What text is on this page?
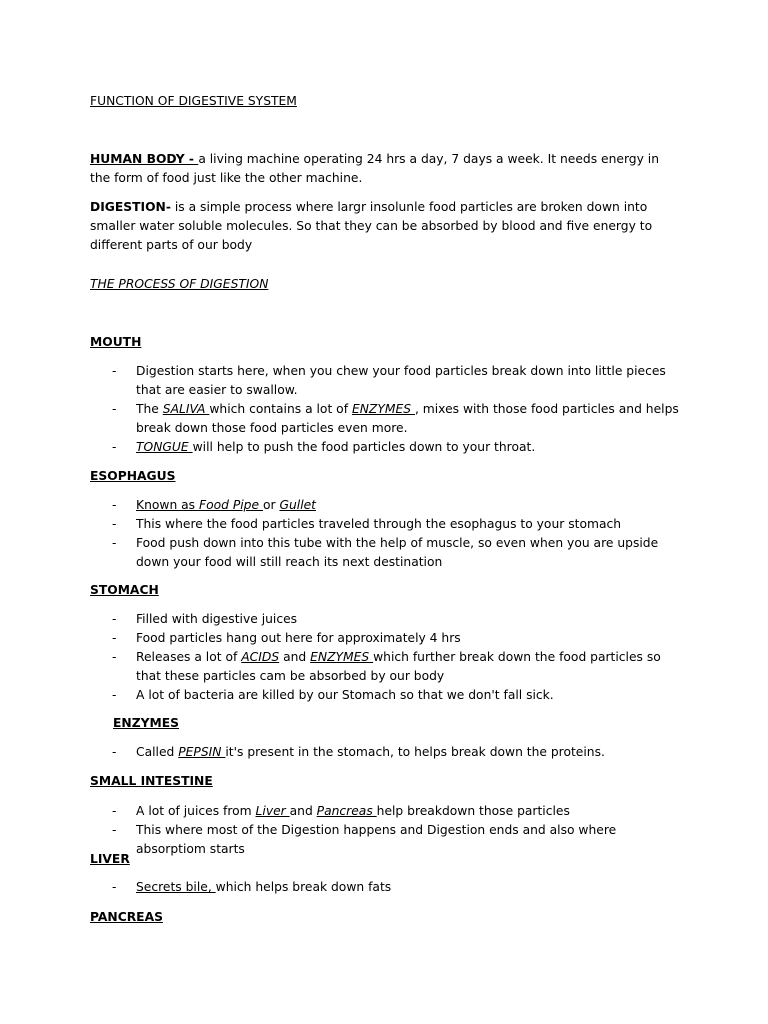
FUNCTION OF DIGESTIVE SYSTEM
HUMAN BODY - a living machine operating 24 hrs a day, 7 days a week. It needs energy in the form of food just like the other machine.
DIGESTION- is a simple process where largr insolunle food particles are broken down into smaller water soluble molecules. So that they can be absorbed by blood and five energy to different parts of our body
THE PROCESS OF DIGESTION
MOUTH
- Digestion starts here, when you chew your food particles break down into little pieces that are easier to swallow.
- The SALIVA which contains a lot of ENZYMES , mixes with those food particles and helps break down those food particles even more.
- TONGUE will help to push the food particles down to your throat.
ESOPHAGUS
- Known as Food Pipe or Gullet
- This where the food particles traveled through the esophagus to your stomach
- Food push down into this tube with the help of muscle, so even when you are upside down your food will still reach its next destination
STOMACH
- Filled with digestive juices
- Food particles hang out here for approximately 4 hrs
- Releases a lot of ACIDS and ENZYMES which further break down the food particles so that these particles cam be absorbed by our body
- A lot of bacteria are killed by our Stomach so that we don't fall sick.
ENZYMES
- Called PEPSIN it's present in the stomach, to helps break down the proteins.
SMALL INTESTINE
- A lot of juices from Liver and Pancreas help breakdown those particles
- This where most of the Digestion happens and Digestion ends and also where absorptiom starts
LIVER
- Secrets bile, which helps break down fats
PANCREAS
